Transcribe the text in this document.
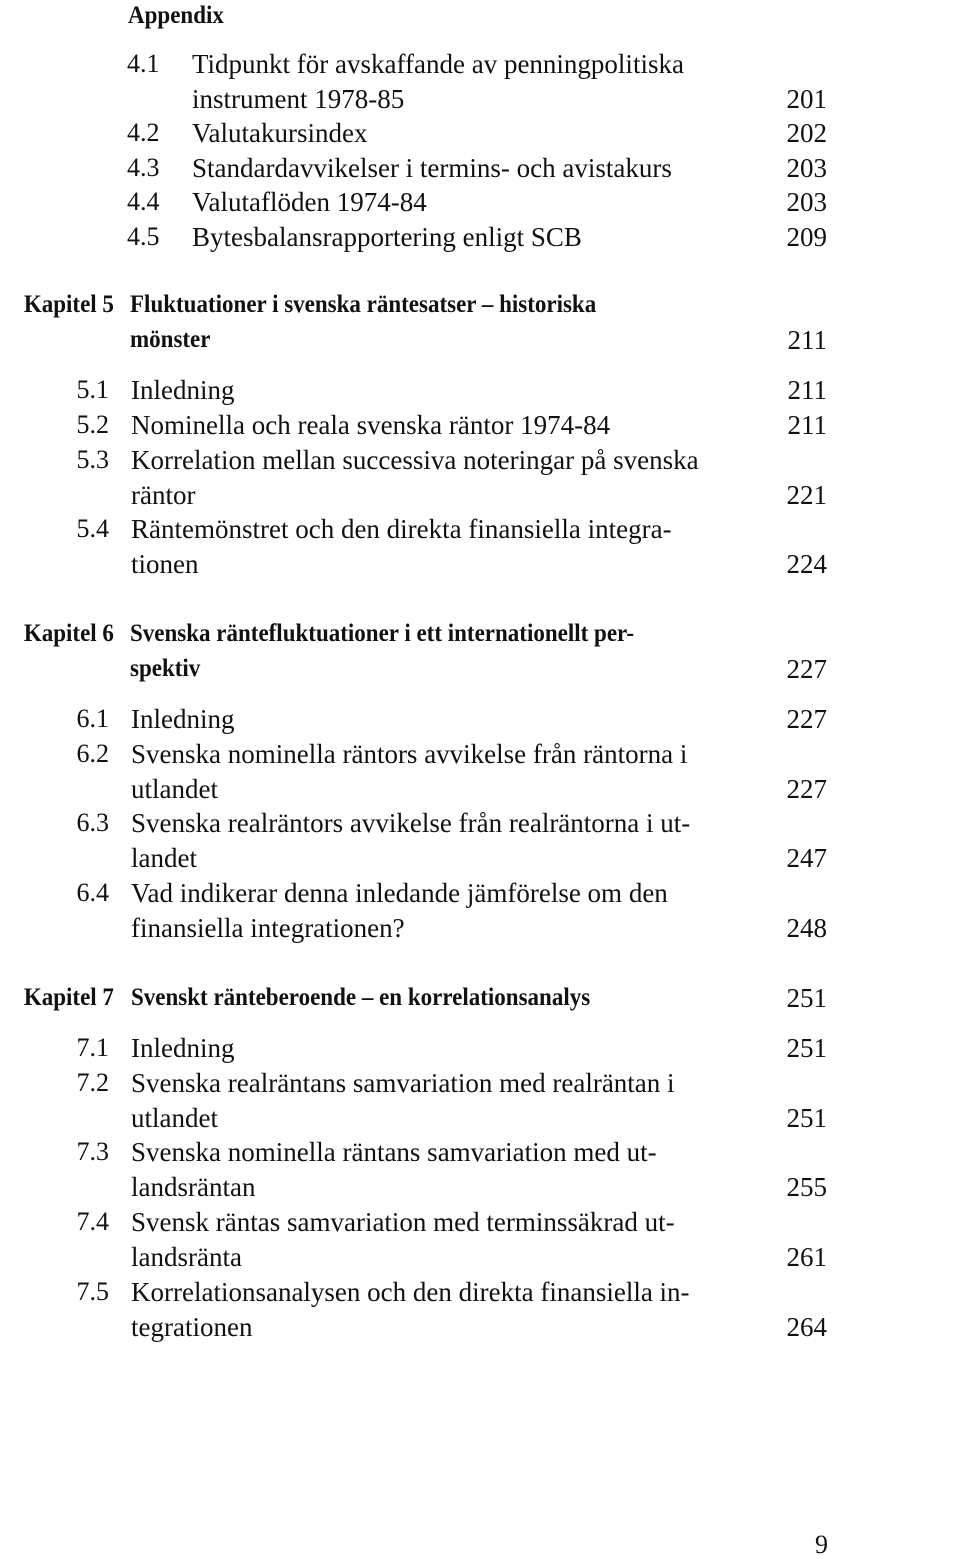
Appendix
4.1 Tidpunkt för avskaffande av penningpolitiska
instrument 1978-85	201
4.2 Valutakursindex	202
4.3 Standardavvikelser i termins- och avistakurs	203
4.4 Valutaflöden 1974-84	203
4.5 Bytesbalansrapportering enligt SCB	209
Kapitel 5 Fluktuationer i svenska räntesatser – historiska
mönster	211
5.1 Inledning	211
5.2 Nominella och reala svenska räntor 1974-84	211
5.3 Korrelation mellan successiva noteringar på svenska
räntor	221
5.4 Räntemönstret och den direkta finansiella integra-
tionen	224
Kapitel 6 Svenska räntefluktuationer i ett internationellt per-
spektiv	227
6.1 Inledning	227
6.2 Svenska nominella räntors avvikelse från räntorna i
utlandet	227
6.3 Svenska realräntors avvikelse från realräntorna i ut-
landet	247
6.4 Vad indikerar denna inledande jämförelse om den
finansiella integrationen?	248
Kapitel 7 Svenskt ränteberoende – en korrelationsanalys	251
7.1 Inledning	251
7.2 Svenska realräntans samvariation med realräntan i
utlandet	251
7.3 Svenska nominella räntans samvariation med ut-
landsräntan	255
7.4 Svensk räntas samvariation med terminssäkrad ut-
landsränta	261
7.5 Korrelationsanalysen och den direkta finansiella in-
tegrationen	264
9
